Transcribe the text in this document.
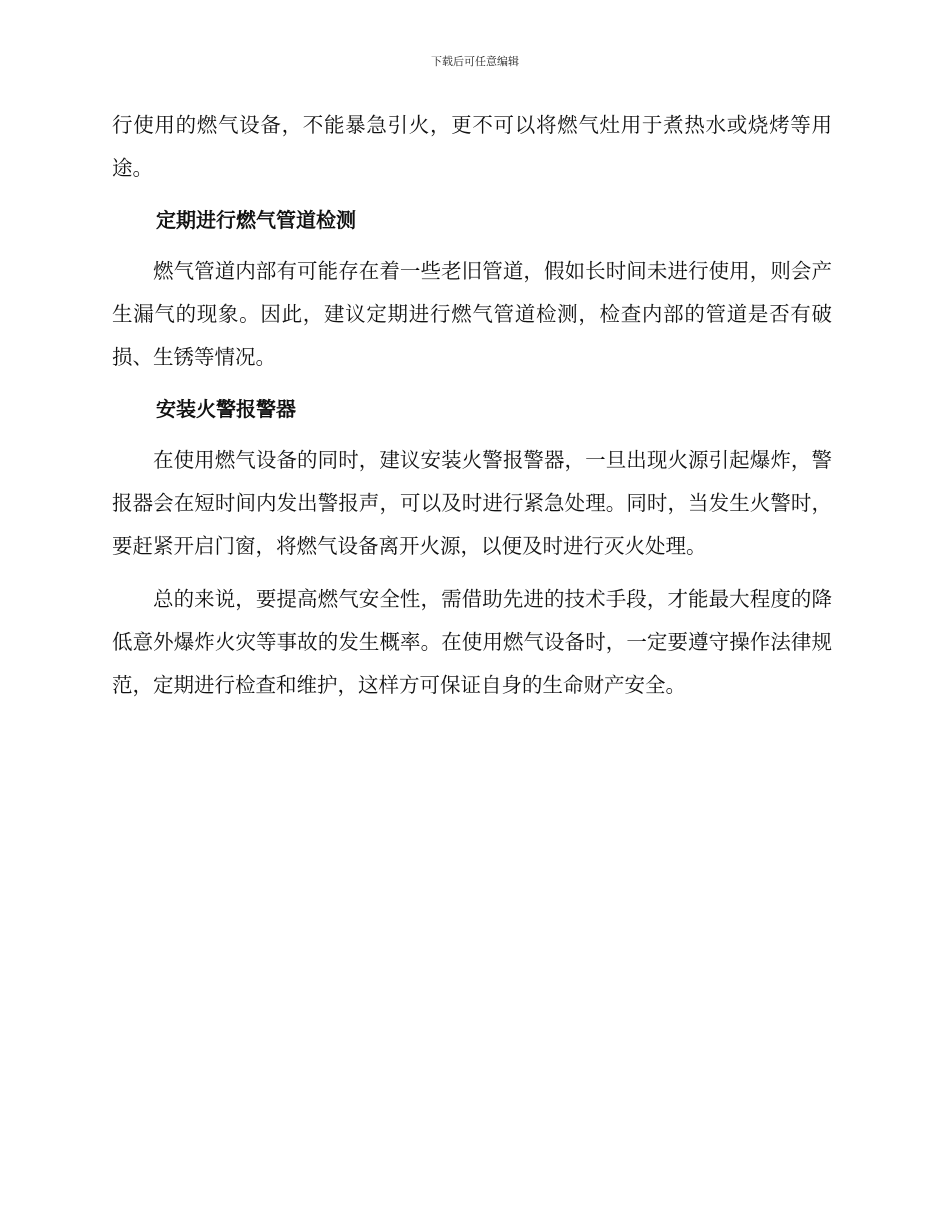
下载后可任意编辑

行使用的燃气设备，不能暴急引火，更不可以将燃气灶用于煮热水或烧烤等用途。

定期进行燃气管道检测

燃气管道内部有可能存在着一些老旧管道，假如长时间未进行使用，则会产生漏气的现象。因此，建议定期进行燃气管道检测，检查内部的管道是否有破损、生锈等情况。

安装火警报警器

在使用燃气设备的同时，建议安装火警报警器，一旦出现火源引起爆炸，警报器会在短时间内发出警报声，可以及时进行紧急处理。同时，当发生火警时，要赶紧开启门窗，将燃气设备离开火源，以便及时进行灭火处理。

总的来说，要提高燃气安全性，需借助先进的技术手段，才能最大程度的降低意外爆炸火灾等事故的发生概率。在使用燃气设备时，一定要遵守操作法律规范，定期进行检查和维护，这样方可保证自身的生命财产安全。
